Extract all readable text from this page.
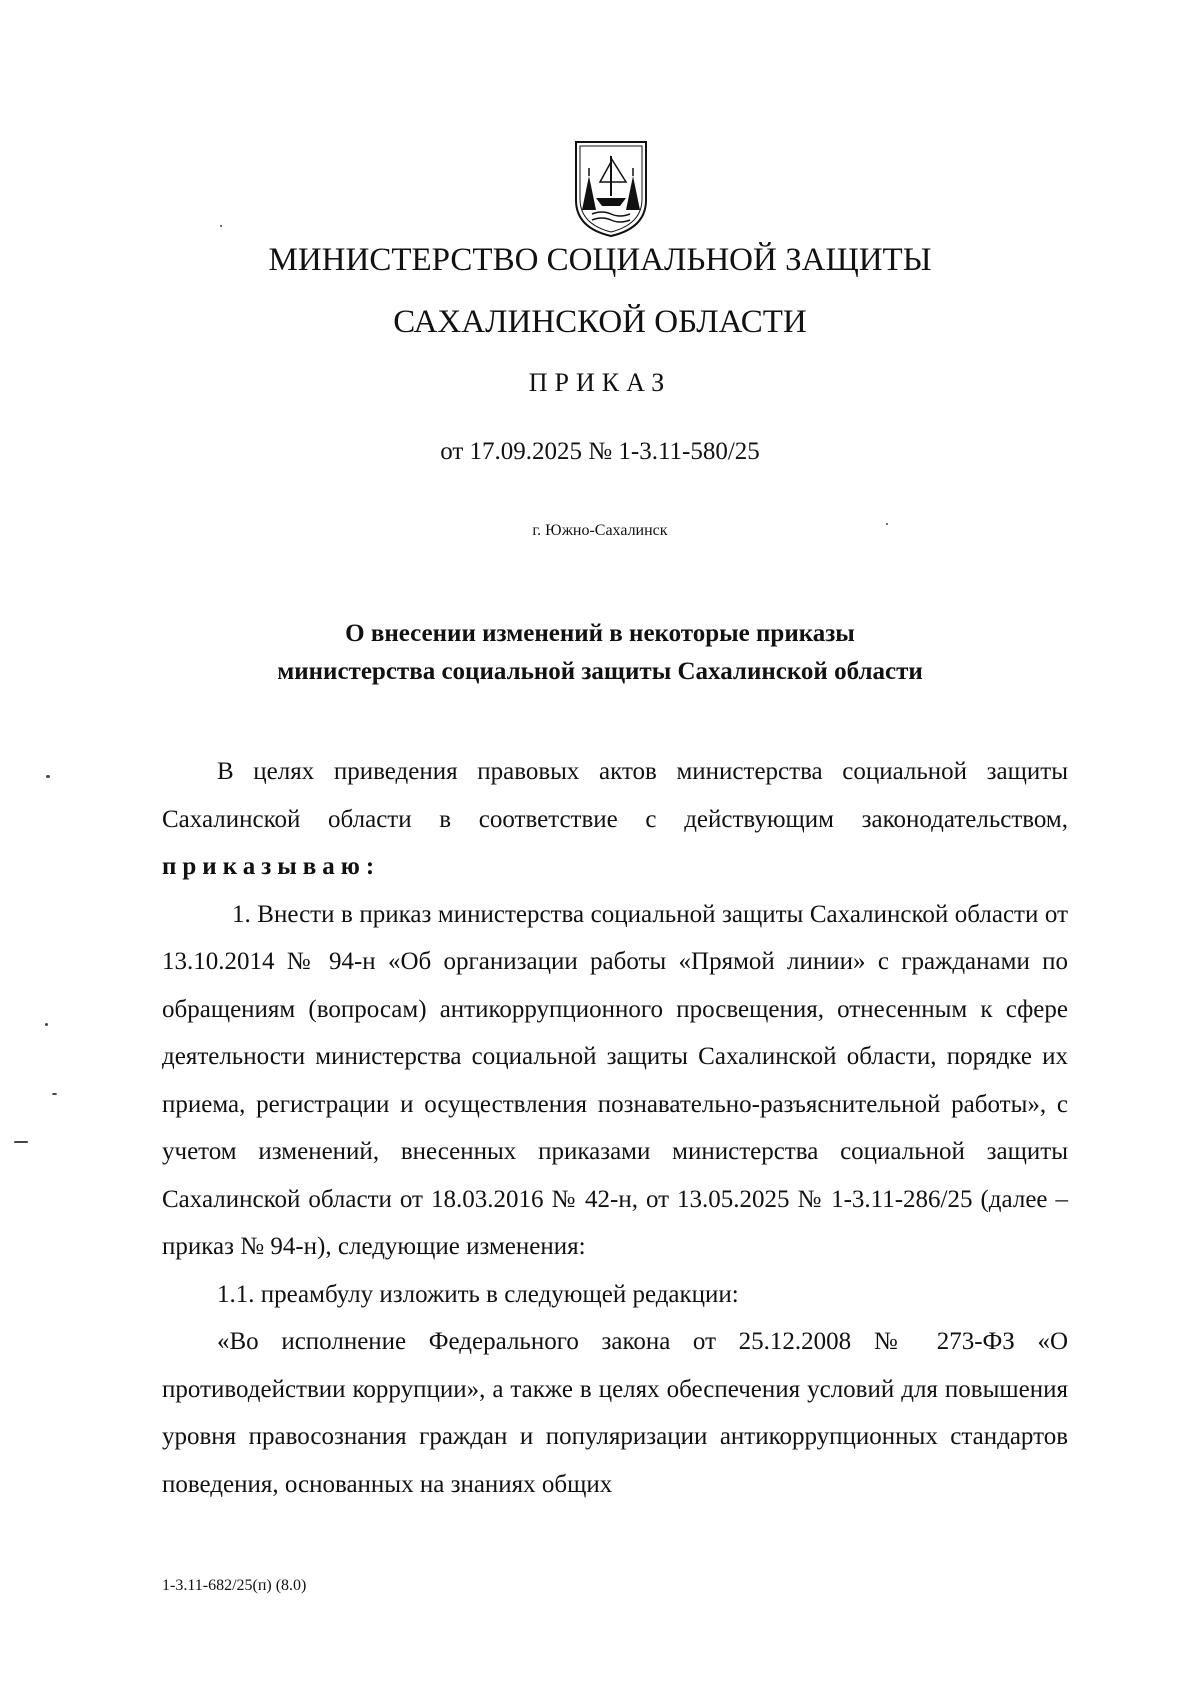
МИНИСТЕРСТВО СОЦИАЛЬНОЙ ЗАЩИТЫ
САХАЛИНСКОЙ ОБЛАСТИ
ПРИКАЗ
от 17.09.2025 № 1-3.11-580/25
г. Южно-Сахалинск
О внесении изменений в некоторые приказы
министерства социальной защиты Сахалинской области

В целях приведения правовых актов министерства социальной защиты Сахалинской области в соответствие с действующим законодательством, приказываю:

1. Внести в приказ министерства социальной защиты Сахалинской области от 13.10.2014 № 94-н «Об организации работы «Прямой линии» с гражданами по обращениям (вопросам) антикоррупционного просвещения, отнесенным к сфере деятельности министерства социальной защиты Сахалинской области, порядке их приема, регистрации и осуществления познавательно-разъяснительной работы», с учетом изменений, внесенных приказами министерства социальной защиты Сахалинской области от 18.03.2016 № 42-н, от 13.05.2025 № 1-3.11-286/25 (далее – приказ № 94-н), следующие изменения:

1.1. преамбулу изложить в следующей редакции:

«Во исполнение Федерального закона от 25.12.2008 № 273-ФЗ «О противодействии коррупции», а также в целях обеспечения условий для повышения уровня правосознания граждан и популяризации антикоррупционных стандартов поведения, основанных на знаниях общих

1-3.11-682/25(п) (8.0)
